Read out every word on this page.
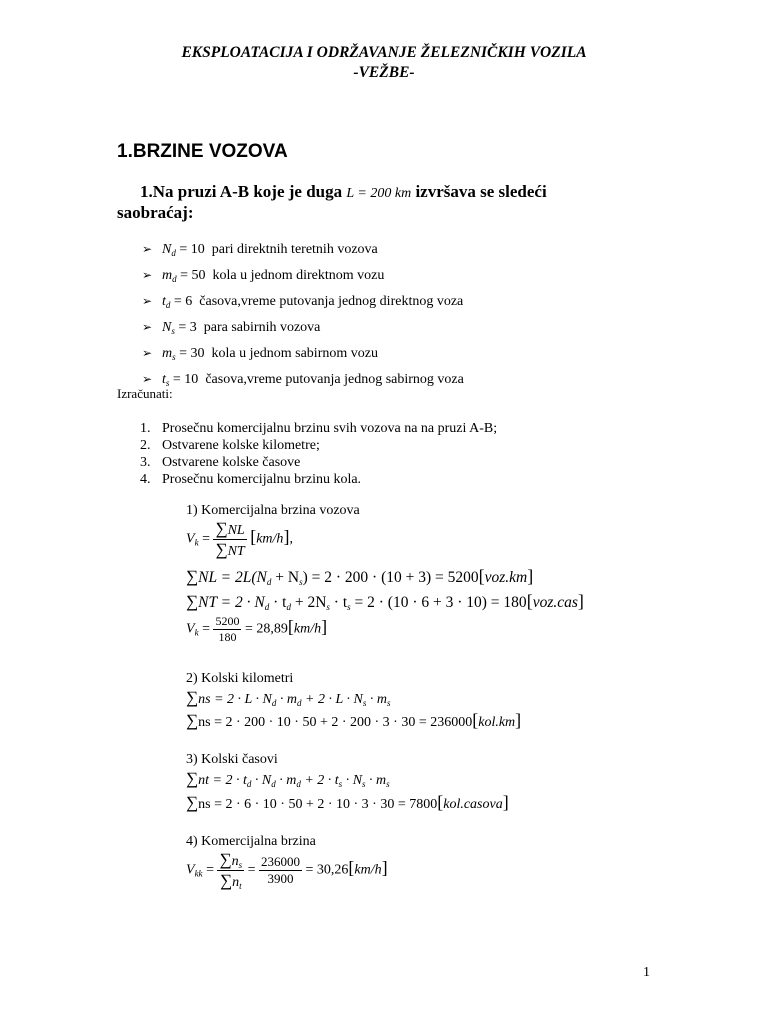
EKSPLOATACIJA I ODRŽAVANJE ŽELEZNIČKIH VOZILA
-VEŽBE-
1.BRZINE VOZOVA
1.Na pruzi A-B koje je duga L = 200 km izvršava se sledeći
saobraćaj:
➢ $N_d = 10$ pari direktnih teretnih vozova
➢ $m_d = 50$ kola u jednom direktnom vozu
➢ $t_d = 6$ časova,vreme putovanja jednog direktnog voza
➢ $N_s = 3$ para sabirnih vozova
➢ $m_s = 30$ kola u jednom sabirnom vozu
➢ $t_s = 10$ časova,vreme putovanja jednog sabirnog voza
Izračunati:
1. Prosečnu komercijalnu brzinu svih vozova na na pruzi A-B;
2. Ostvarene kolske kilometre;
3. Ostvarene kolske časove
4. Prosečnu komercijalnu brzinu kola.
1) Komercijalna brzina vozova
$V_k = \frac{\sum NL}{\sum NT} [km/h]$,
$\sum NL = 2L(N_d + N_s) = 2 \cdot 200 \cdot (10 + 3) = 5200[voz.km]$
$\sum NT = 2 \cdot N_d \cdot t_d + 2N_s \cdot t_s = 2 \cdot (10 \cdot 6 + 3 \cdot 10) = 180[voz.cas]$
$V_k = \frac{5200}{180} = 28,89[km/h]$
2) Kolski kilometri
$\sum ns = 2 \cdot L \cdot N_d \cdot m_d + 2 \cdot L \cdot N_s \cdot m_s$
∑ns = 2 · 200 · 10 · 50 + 2 · 200 · 3 · 30 = 236000[kol.km]
3) Kolski časovi
$\sum nt = 2 \cdot t_d \cdot N_d \cdot m_d + 2 \cdot t_s \cdot N_s \cdot m_s$
∑ns = 2 · 6 · 10 · 50 + 2 · 10 · 3 · 30 = 7800[kol.casova]
4) Komercijalna brzina
$V_{kk} = \frac{\sum n_s}{\sum n_t} = \frac{236000}{3900} = 30,26[km/h]$
1
